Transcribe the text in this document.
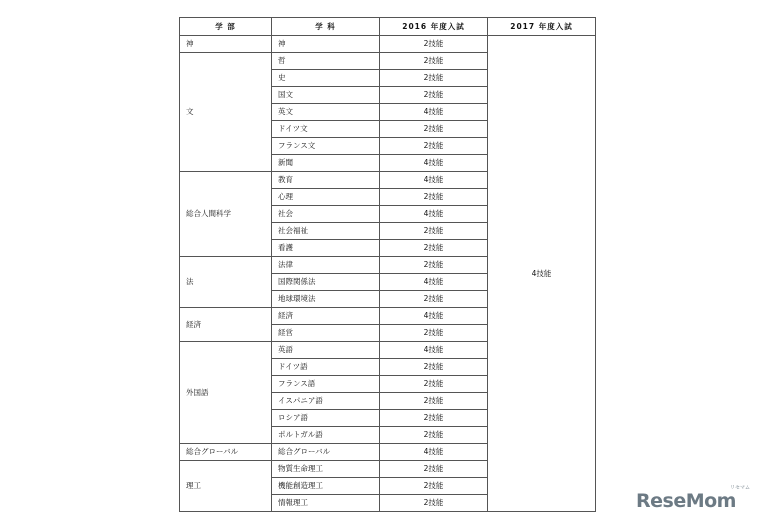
学 部	学 科	2016 年度入試	2017 年度入試
神	神	2技能	4技能
文	哲	2技能	
	史	2技能	
	国文	2技能	
	英文	4技能	
	ドイツ文	2技能	
	フランス文	2技能	
	新聞	4技能	
総合人間科学	教育	4技能	
	心理	2技能	
	社会	4技能	
	社会福祉	2技能	
	看護	2技能	
法	法律	2技能	
	国際関係法	4技能	
	地球環境法	2技能	
経済	経済	4技能	
	経営	2技能	
外国語	英語	4技能	
	ドイツ語	2技能	
	フランス語	2技能	
	イスパニア語	2技能	
	ロシア語	2技能	
	ポルトガル語	2技能	
総合グローバル	総合グローバル	4技能	
理工	物質生命理工	2技能	
	機能創造理工	2技能	
	情報理工	2技能		ReseMom
リセマム
